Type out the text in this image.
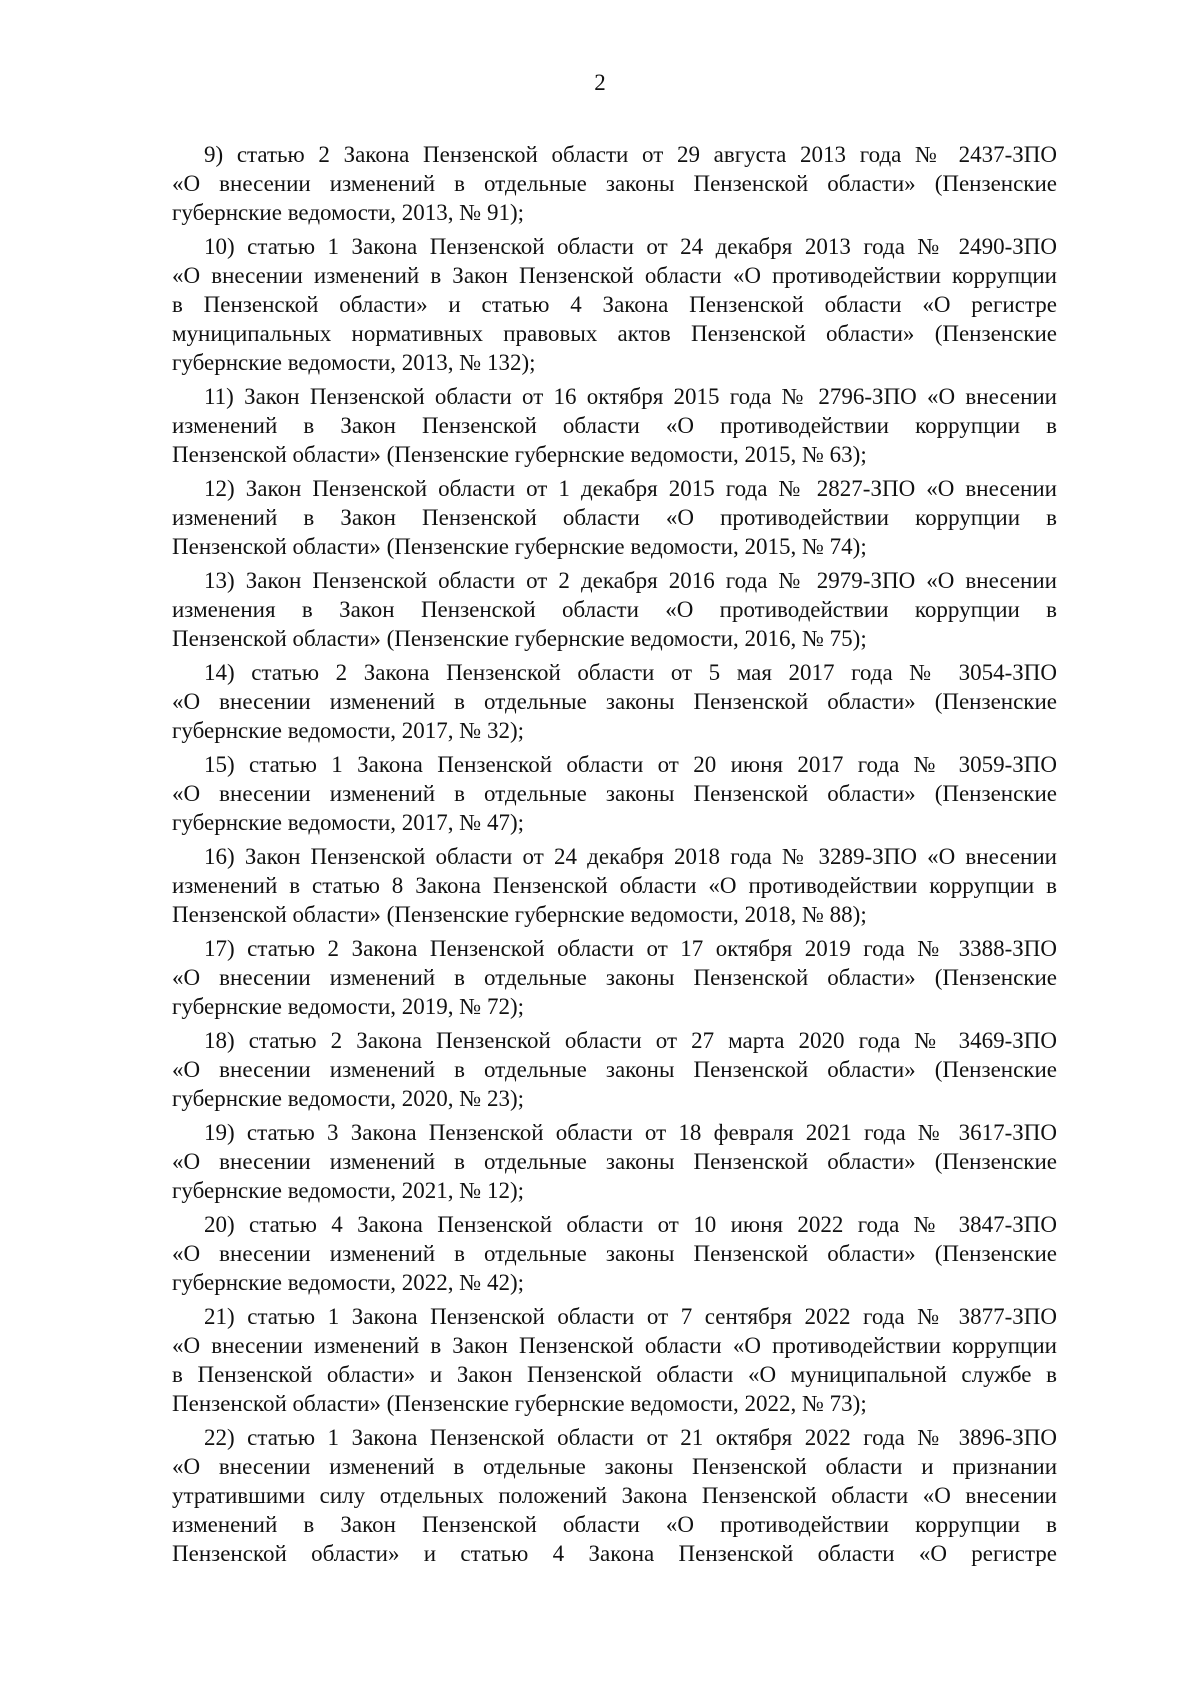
2
9) статью 2 Закона Пензенской области от 29 августа 2013 года № 2437-ЗПО
«О внесении изменений в отдельные законы Пензенской области» (Пензенские
губернские ведомости, 2013, № 91);
10) статью 1 Закона Пензенской области от 24 декабря 2013 года № 2490-ЗПО
«О внесении изменений в Закон Пензенской области «О противодействии коррупции
в Пензенской области» и статью 4 Закона Пензенской области «О регистре
муниципальных нормативных правовых актов Пензенской области» (Пензенские
губернские ведомости, 2013, № 132);
11) Закон Пензенской области от 16 октября 2015 года № 2796-ЗПО «О внесении
изменений в Закон Пензенской области «О противодействии коррупции в
Пензенской области» (Пензенские губернские ведомости, 2015, № 63);
12) Закон Пензенской области от 1 декабря 2015 года № 2827-ЗПО «О внесении
изменений в Закон Пензенской области «О противодействии коррупции в
Пензенской области» (Пензенские губернские ведомости, 2015, № 74);
13) Закон Пензенской области от 2 декабря 2016 года № 2979-ЗПО «О внесении
изменения в Закон Пензенской области «О противодействии коррупции в
Пензенской области» (Пензенские губернские ведомости, 2016, № 75);
14) статью 2 Закона Пензенской области от 5 мая 2017 года № 3054-ЗПО
«О внесении изменений в отдельные законы Пензенской области» (Пензенские
губернские ведомости, 2017, № 32);
15) статью 1 Закона Пензенской области от 20 июня 2017 года № 3059-ЗПО
«О внесении изменений в отдельные законы Пензенской области» (Пензенские
губернские ведомости, 2017, № 47);
16) Закон Пензенской области от 24 декабря 2018 года № 3289-ЗПО «О внесении
изменений в статью 8 Закона Пензенской области «О противодействии коррупции в
Пензенской области» (Пензенские губернские ведомости, 2018, № 88);
17) статью 2 Закона Пензенской области от 17 октября 2019 года № 3388-ЗПО
«О внесении изменений в отдельные законы Пензенской области» (Пензенские
губернские ведомости, 2019, № 72);
18) статью 2 Закона Пензенской области от 27 марта 2020 года № 3469-ЗПО
«О внесении изменений в отдельные законы Пензенской области» (Пензенские
губернские ведомости, 2020, № 23);
19) статью 3 Закона Пензенской области от 18 февраля 2021 года № 3617-ЗПО
«О внесении изменений в отдельные законы Пензенской области» (Пензенские
губернские ведомости, 2021, № 12);
20) статью 4 Закона Пензенской области от 10 июня 2022 года № 3847-ЗПО
«О внесении изменений в отдельные законы Пензенской области» (Пензенские
губернские ведомости, 2022, № 42);
21) статью 1 Закона Пензенской области от 7 сентября 2022 года № 3877-ЗПО
«О внесении изменений в Закон Пензенской области «О противодействии коррупции
в Пензенской области» и Закон Пензенской области «О муниципальной службе в
Пензенской области» (Пензенские губернские ведомости, 2022, № 73);
22) статью 1 Закона Пензенской области от 21 октября 2022 года № 3896-ЗПО
«О внесении изменений в отдельные законы Пензенской области и признании
утратившими силу отдельных положений Закона Пензенской области «О внесении
изменений в Закон Пензенской области «О противодействии коррупции в
Пензенской области» и статью 4 Закона Пензенской области «О регистре
